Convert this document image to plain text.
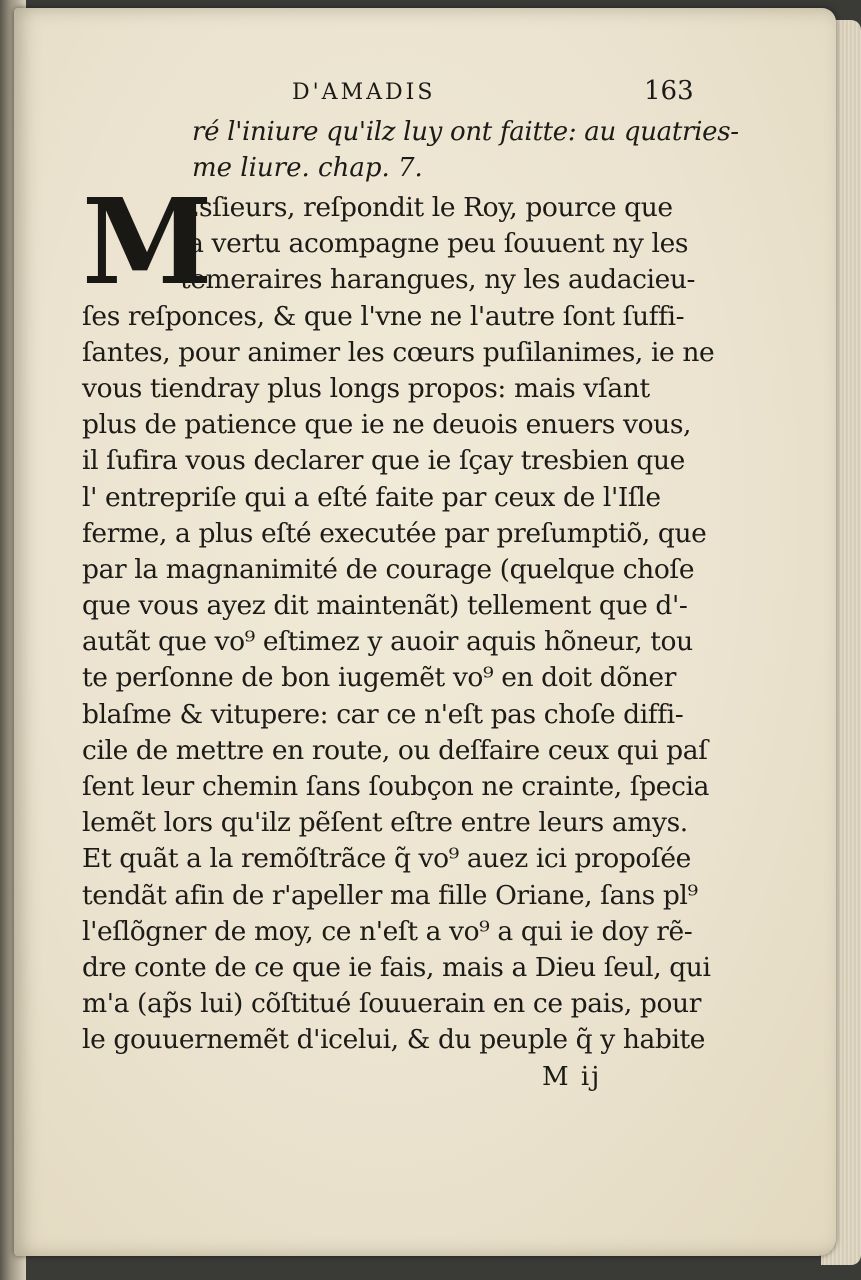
D'AMADIS	163
ré l'iniure qu'ilz luy ont faitte: au quatries-
me liure. chap. 7.
M
Esſieurs, reſpondit le Roy, pource que
la vertu acompagne peu ſouuent ny les
temeraires harangues, ny les audacieu-
ſes reſponces, & que l'vne ne l'autre ſont ſuffi-
ſantes, pour animer les cœurs puſilanimes, ie ne
vous tiendray plus longs propos: mais vſant
plus de patience que ie ne deuois enuers vous,
il ſufira vous declarer que ie ſçay tresbien que
l' entrepriſe qui a eſté faite par ceux de l'Iſle
ferme, a plus eſté executée par preſumptiõ, que
par la magnanimité de courage (quelque choſe
que vous ayez dit maintenãt) tellement que d'-
autãt que vo⁹ eſtimez y auoir aquis hõneur, tou
te perſonne de bon iugemẽt vo⁹ en doit dõner
blaſme & vitupere: car ce n'eſt pas choſe diffi-
cile de mettre en route, ou deſfaire ceux qui paſ
ſent leur chemin ſans ſoubçon ne crainte, ſpecia
lemẽt lors qu'ilz pẽſent eſtre entre leurs amys.
Et quãt a la remõſtrãce q̃ vo⁹ auez ici propoſée
tendãt afin de r'apeller ma fille Oriane, ſans pl⁹
l'eſlõgner de moy, ce n'eſt a vo⁹ a qui ie doy rẽ-
dre conte de ce que ie fais, mais a Dieu ſeul, qui
m'a (ap̃s lui) cõſtitué ſouuerain en ce pais, pour
le gouuernemẽt d'icelui, & du peuple q̃ y habite
M ij
